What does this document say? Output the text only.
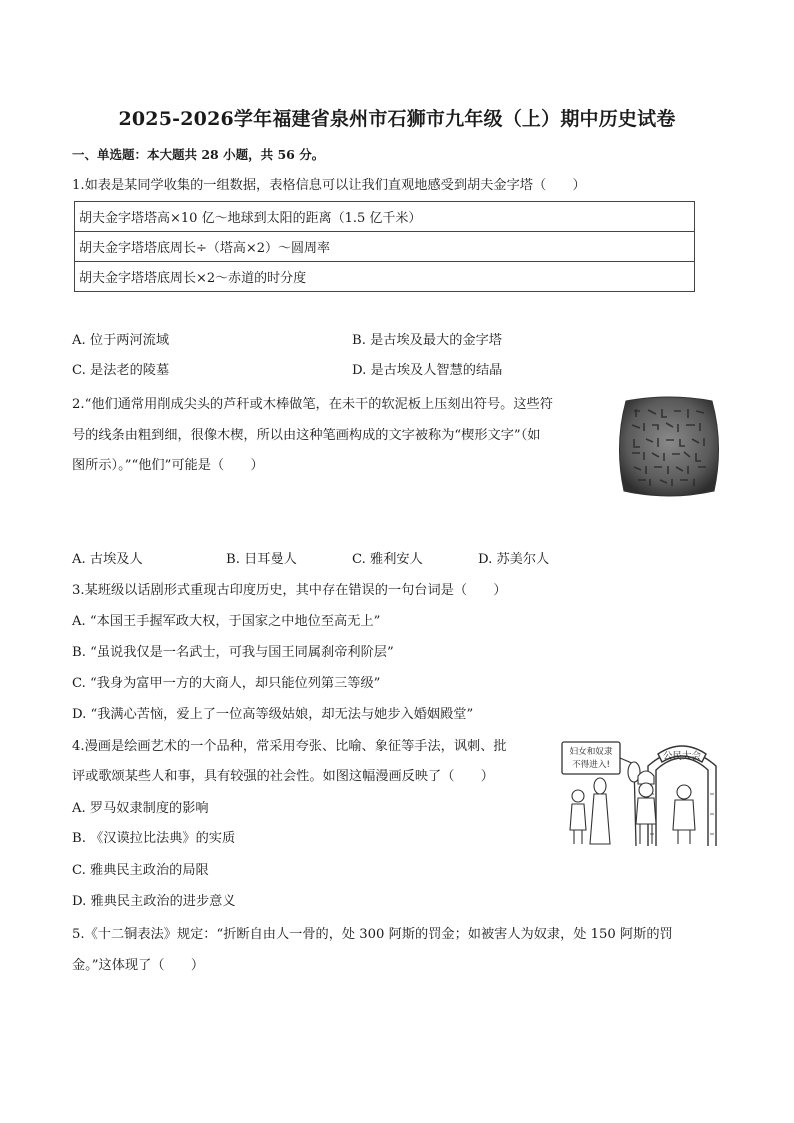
2025-2026学年福建省泉州市石狮市九年级（上）期中历史试卷
一、单选题：本大题共 28 小题，共 56 分。
1.如表是某同学收集的一组数据，表格信息可以让我们直观地感受到胡夫金字塔（　　）
胡夫金字塔塔高×10 亿～地球到太阳的距离（1.5 亿千米）
胡夫金字塔塔底周长÷（塔高×2）～圆周率
胡夫金字塔塔底周长×2～赤道的时分度
A. 位于两河流域	B. 是古埃及最大的金字塔
C. 是法老的陵墓	D. 是古埃及人智慧的结晶
2.“他们通常用削成尖头的芦秆或木棒做笔，在未干的软泥板上压刻出符号。这些符
号的线条由粗到细，很像木楔，所以由这种笔画构成的文字被称为“楔形文字”（如
图所示）。”“他们”可能是（　　）
A. 古埃及人	B. 日耳曼人	C. 雅利安人	D. 苏美尔人
3.某班级以话剧形式重现古印度历史，其中存在错误的一句台词是（　　）
A. “本国王手握军政大权，于国家之中地位至高无上”
B. “虽说我仅是一名武士，可我与国王同属刹帝利阶层”
C. “我身为富甲一方的大商人，却只能位列第三等级”
D. “我满心苦恼，爱上了一位高等级姑娘，却无法与她步入婚姻殿堂”
4.漫画是绘画艺术的一个品种，常采用夸张、比喻、象征等手法，讽刺、批
评或歌颂某些人和事，具有较强的社会性。如图这幅漫画反映了（　　）
A. 罗马奴隶制度的影响
B. 《汉谟拉比法典》的实质
C. 雅典民主政治的局限
D. 雅典民主政治的进步意义
公民大会
妇女和奴隶
不得进入!
5.《十二铜表法》规定：“折断自由人一骨的，处 300 阿斯的罚金；如被害人为奴隶，处 150 阿斯的罚
金。”这体现了（　　）
